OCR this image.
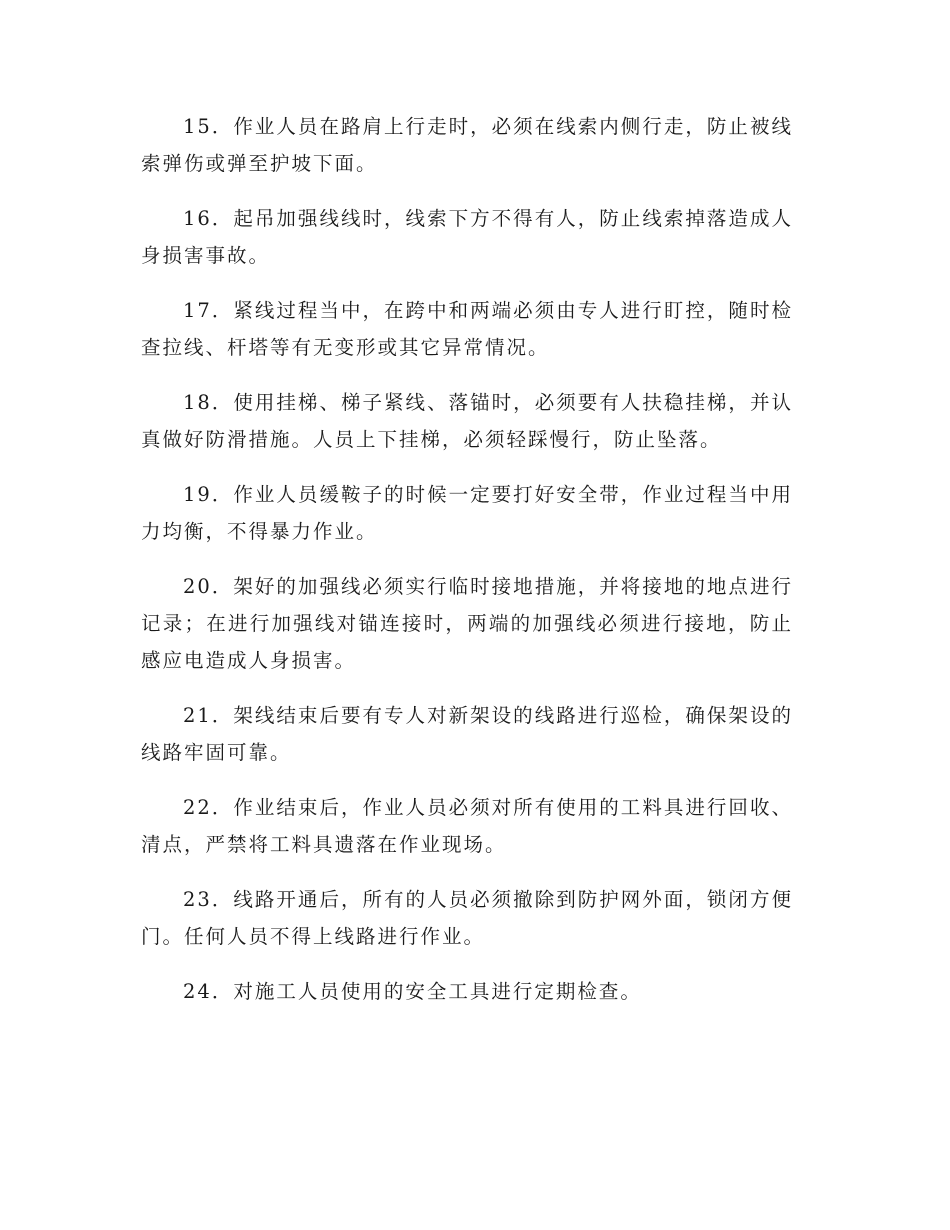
15．作业人员在路肩上行走时，必须在线索内侧行走，防止被线索弹伤或弹至护坡下面。

16．起吊加强线线时，线索下方不得有人，防止线索掉落造成人身损害事故。

17．紧线过程当中，在跨中和两端必须由专人进行盯控，随时检查拉线、杆塔等有无变形或其它异常情况。

18．使用挂梯、梯子紧线、落锚时，必须要有人扶稳挂梯，并认真做好防滑措施。人员上下挂梯，必须轻踩慢行，防止坠落。

19．作业人员缓鞍子的时候一定要打好安全带，作业过程当中用力均衡，不得暴力作业。

20．架好的加强线必须实行临时接地措施，并将接地的地点进行记录；在进行加强线对锚连接时，两端的加强线必须进行接地，防止感应电造成人身损害。

21．架线结束后要有专人对新架设的线路进行巡检，确保架设的线路牢固可靠。

22．作业结束后，作业人员必须对所有使用的工料具进行回收、清点，严禁将工料具遗落在作业现场。

23．线路开通后，所有的人员必须撤除到防护网外面，锁闭方便门。任何人员不得上线路进行作业。

24．对施工人员使用的安全工具进行定期检查。
